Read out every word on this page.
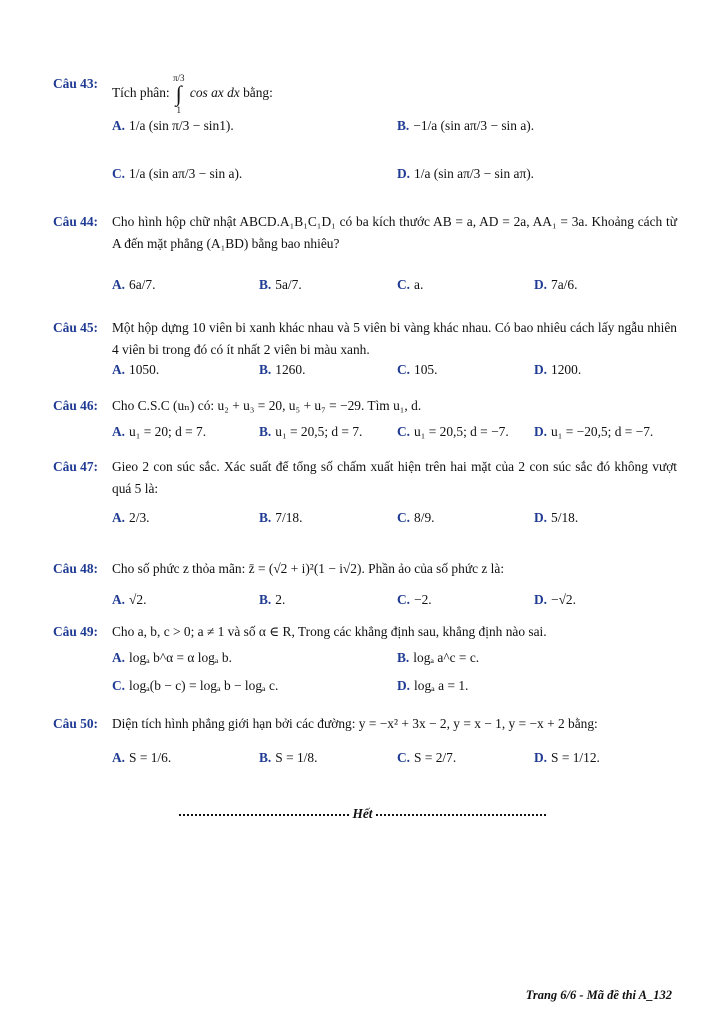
Câu 43:
Tích phân:
π/3
∫
1
cos ax dx bằng:
A. 1/a (sin π/3 − sin1).	B. −1/a (sin aπ/3 − sin a).
C. 1/a (sin aπ/3 − sin a).	D. 1/a (sin aπ/3 − sin aπ).
Câu 44:	Cho hình hộp chữ nhật ABCD.A₁B₁C₁D₁ có ba kích thước AB = a, AD = 2a, AA₁ = 3a. Khoảng cách từ A đến mặt phẳng (A₁BD) bằng bao nhiêu?
A. 6a/7.	B. 5a/7.	C. a.	D. 7a/6.
Câu 45:	Một hộp dựng 10 viên bi xanh khác nhau và 5 viên bi vàng khác nhau. Có bao nhiêu cách lấy ngẫu nhiên 4 viên bi trong đó có ít nhất 2 viên bi màu xanh.
A. 1050.	B. 1260.	C. 105.	D. 1200.
Câu 46:	Cho C.S.C (uₙ) có: u₂ + u₃ = 20, u₅ + u₇ = −29. Tìm u₁, d.
A. u₁ = 20; d = 7.	B. u₁ = 20,5; d = 7.	C. u₁ = 20,5; d = −7. D. u₁ = −20,5; d = −7.
Câu 47:	Gieo 2 con súc sắc. Xác suất để tổng số chấm xuất hiện trên hai mặt của 2 con súc sắc đó không vượt quá 5 là:
A. 2/3.	B. 7/18.	C. 8/9.	D. 5/18.
Câu 48:	Cho số phức z thỏa mãn: z̄ = (√2 + i)²(1 − i√2). Phần ảo của số phức z là:
A. √2.	B. 2.	C. −2.	D. −√2.
Câu 49:	Cho a, b, c > 0; a ≠ 1 và số α ∈ R, Trong các khẳng định sau, khẳng định nào sai.
A. logₐ b^α = α logₐ b.	B. logₐ a^c = c.
C. logₐ(b − c) = logₐ b − logₐ c.	D. logₐ a = 1.
Câu 50:	Diện tích hình phẳng giới hạn bởi các đường: y = −x² + 3x − 2, y = x − 1, y = −x + 2 bằng:
A. S = 1/6.	B. S = 1/8.	C. S = 2/7.	D. S = 1/12.
Hết
Trang 6/6 - Mã đề thi A_132
